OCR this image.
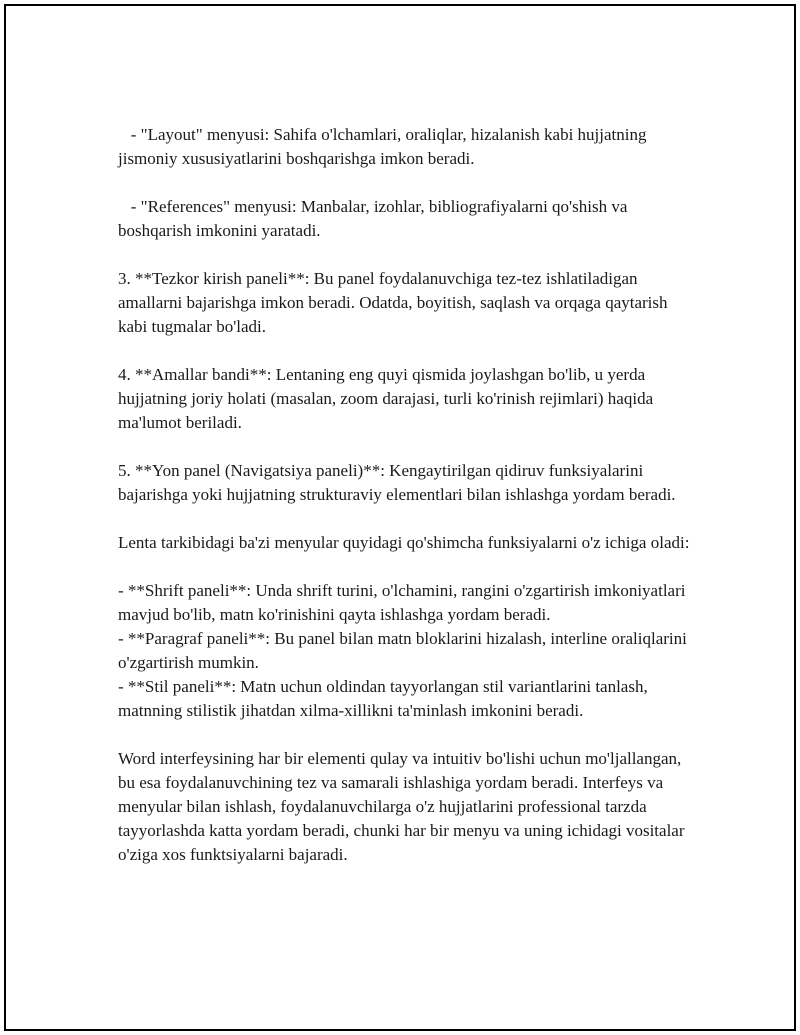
- "Layout" menyusi: Sahifa o'lchamlari, oraliqlar, hizalanish kabi hujjatning jismoniy xususiyatlarini boshqarishga imkon beradi.

- "References" menyusi: Manbalar, izohlar, bibliografiyalarni qo'shish va boshqarish imkonini yaratadi.

3. **Tezkor kirish paneli**: Bu panel foydalanuvchiga tez-tez ishlatiladigan amallarni bajarishga imkon beradi. Odatda, boyitish, saqlash va orqaga qaytarish kabi tugmalar bo'ladi.

4. **Amallar bandi**: Lentaning eng quyi qismida joylashgan bo'lib, u yerda hujjatning joriy holati (masalan, zoom darajasi, turli ko'rinish rejimlari) haqida ma'lumot beriladi.

5. **Yon panel (Navigatsiya paneli)**: Kengaytirilgan qidiruv funksiyalarini bajarishga yoki hujjatning strukturaviy elementlari bilan ishlashga yordam beradi.

Lenta tarkibidagi ba'zi menyular quyidagi qo'shimcha funksiyalarni o'z ichiga oladi:

- **Shrift paneli**: Unda shrift turini, o'lchamini, rangini o'zgartirish imkoniyatlari mavjud bo'lib, matn ko'rinishini qayta ishlashga yordam beradi.

- **Paragraf paneli**: Bu panel bilan matn bloklarini hizalash, interline oraliqlarini o'zgartirish mumkin.

- **Stil paneli**: Matn uchun oldindan tayyorlangan stil variantlarini tanlash, matnning stilistik jihatdan xilma-xillikni ta'minlash imkonini beradi.

Word interfeysining har bir elementi qulay va intuitiv bo'lishi uchun mo'ljallangan, bu esa foydalanuvchining tez va samarali ishlashiga yordam beradi. Interfeys va menyular bilan ishlash, foydalanuvchilarga o'z hujjatlarini professional tarzda tayyorlashda katta yordam beradi, chunki har bir menyu va uning ichidagi vositalar o'ziga xos funktsiyalarni bajaradi.
